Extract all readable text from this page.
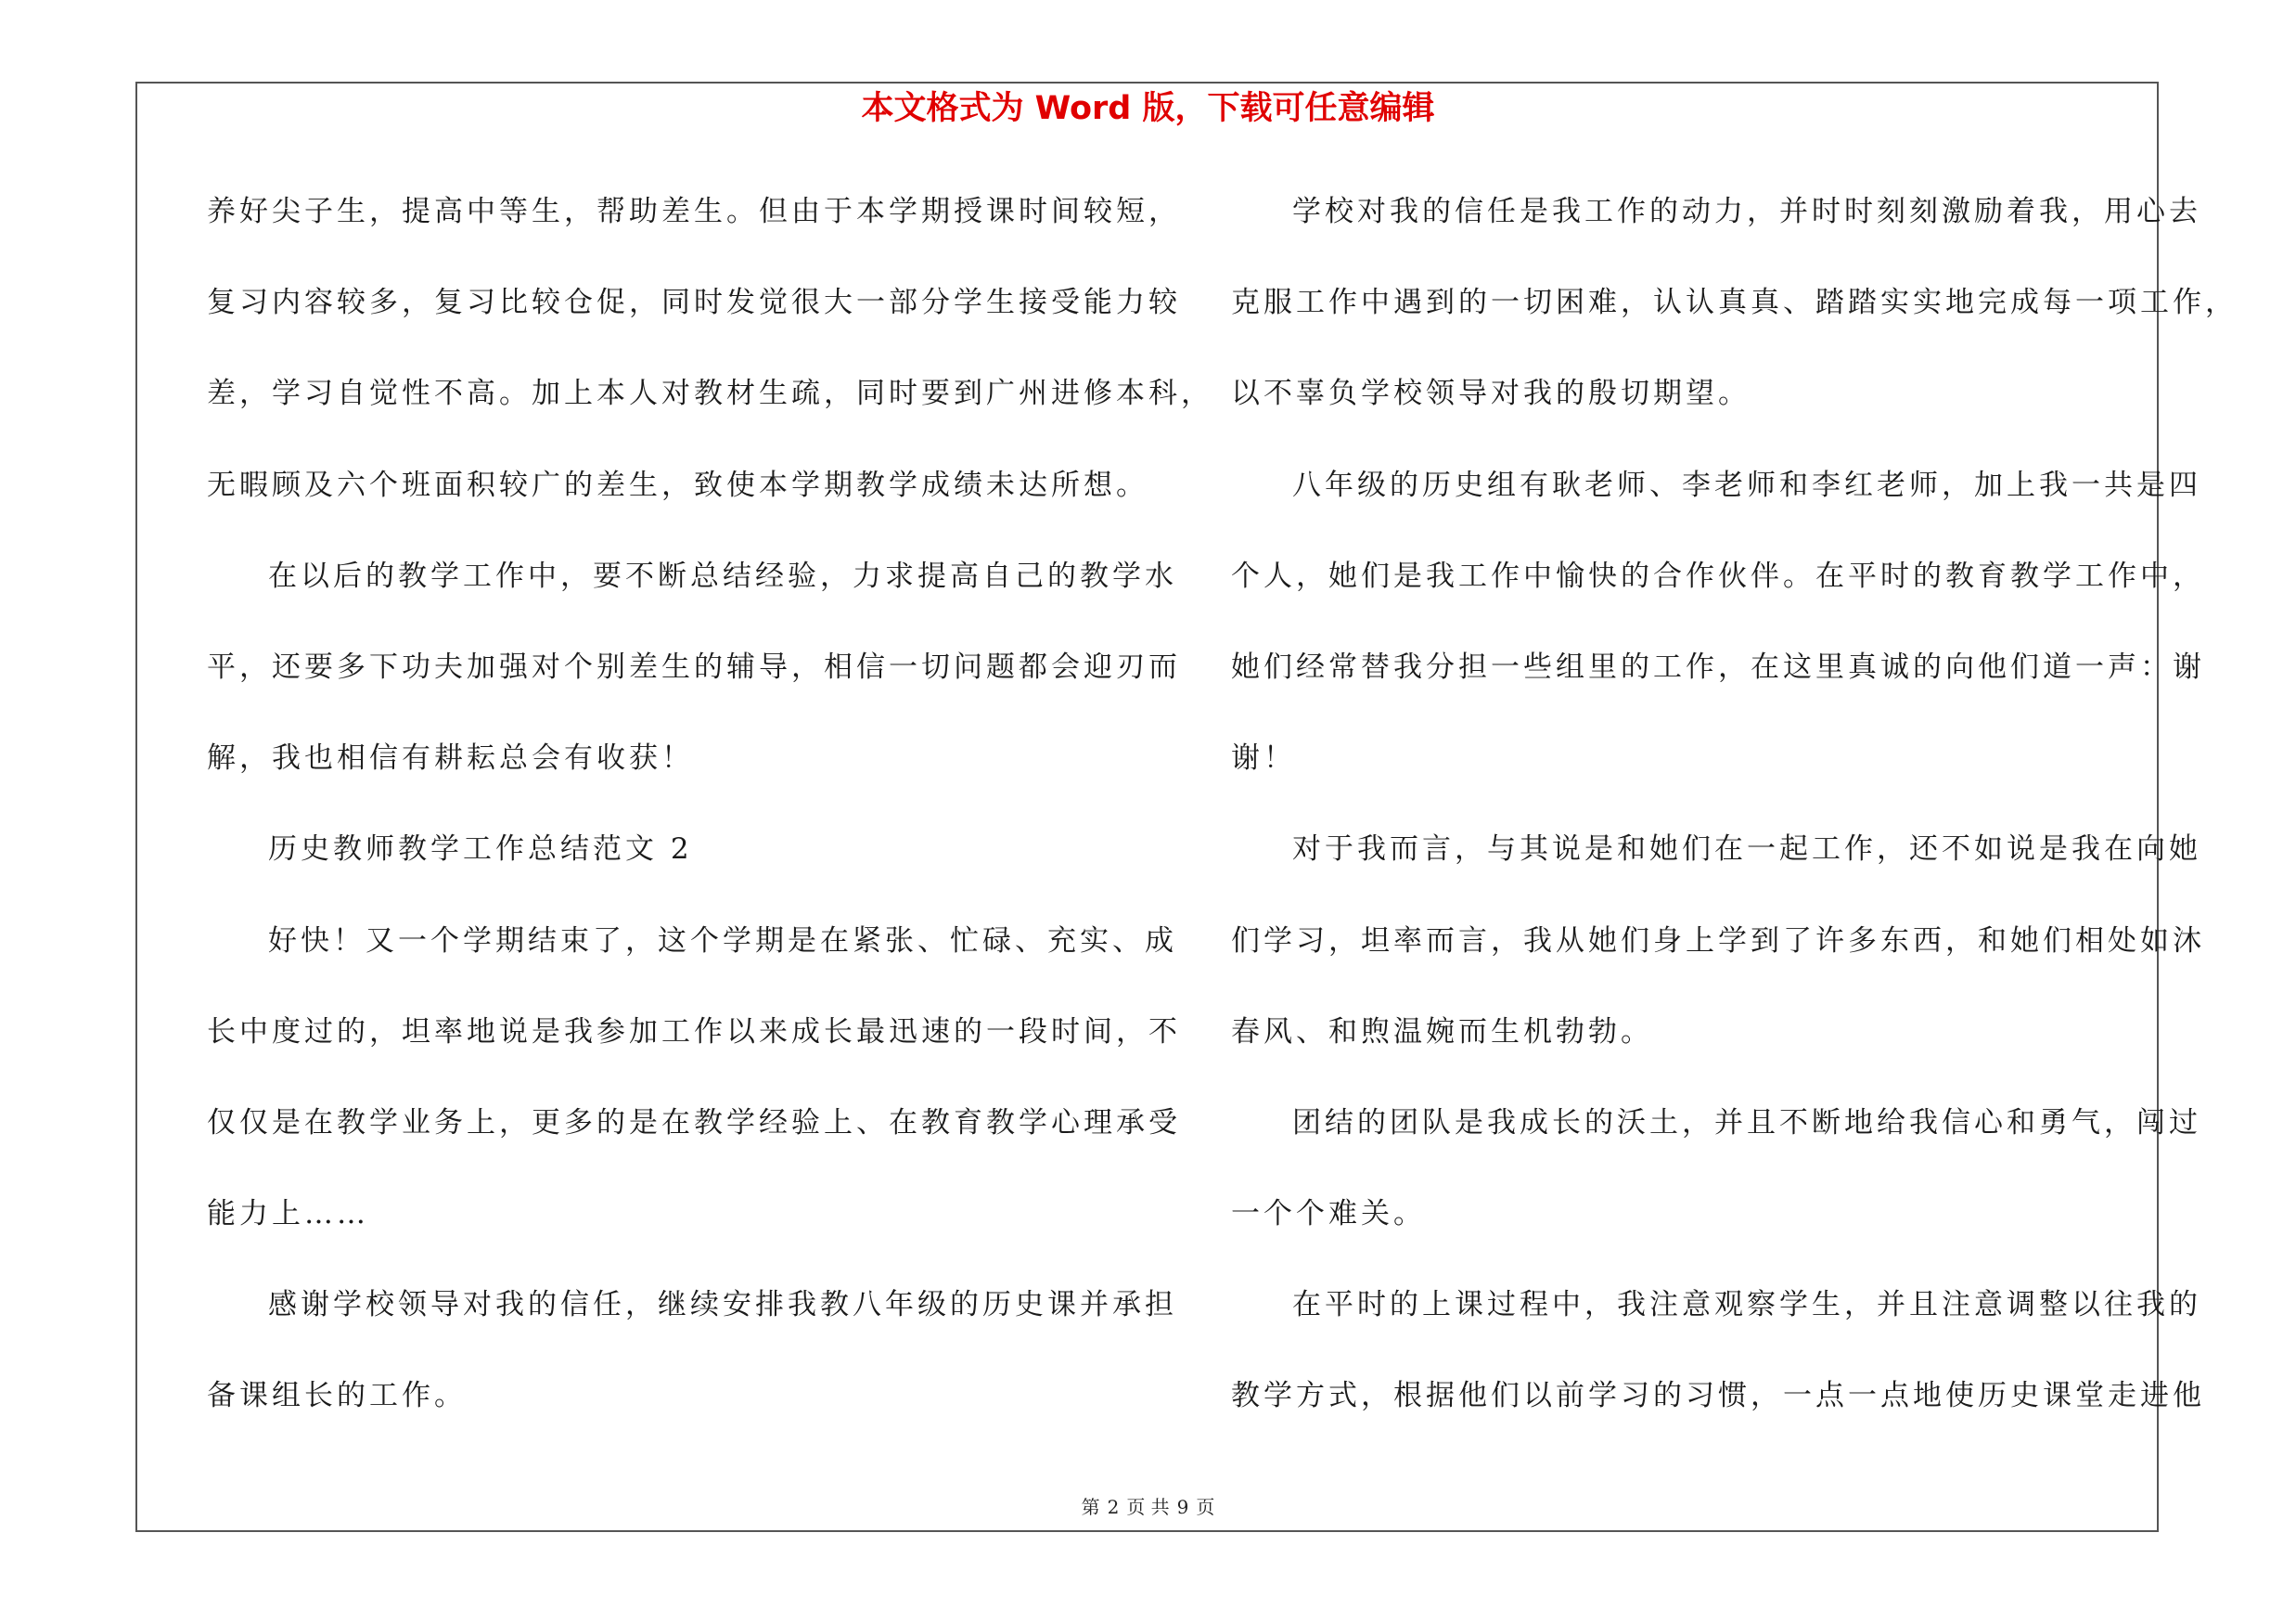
本文格式为 Word 版，下载可任意编辑
养好尖子生，提高中等生，帮助差生。但由于本学期授课时间较短，
复习内容较多，复习比较仓促，同时发觉很大一部分学生接受能力较
差，学习自觉性不高。加上本人对教材生疏，同时要到广州进修本科，
无暇顾及六个班面积较广的差生，致使本学期教学成绩未达所想。
在以后的教学工作中，要不断总结经验，力求提高自己的教学水
平，还要多下功夫加强对个别差生的辅导，相信一切问题都会迎刃而
解，我也相信有耕耘总会有收获！
历史教师教学工作总结范文 2
好快！又一个学期结束了，这个学期是在紧张、忙碌、充实、成
长中度过的，坦率地说是我参加工作以来成长最迅速的一段时间，不
仅仅是在教学业务上，更多的是在教学经验上、在教育教学心理承受
能力上……
感谢学校领导对我的信任，继续安排我教八年级的历史课并承担
备课组长的工作。
学校对我的信任是我工作的动力，并时时刻刻激励着我，用心去
克服工作中遇到的一切困难，认认真真、踏踏实实地完成每一项工作，
以不辜负学校领导对我的殷切期望。
八年级的历史组有耿老师、李老师和李红老师，加上我一共是四
个人，她们是我工作中愉快的合作伙伴。在平时的教育教学工作中，
她们经常替我分担一些组里的工作，在这里真诚的向他们道一声：谢
谢！
对于我而言，与其说是和她们在一起工作，还不如说是我在向她
们学习，坦率而言，我从她们身上学到了许多东西，和她们相处如沐
春风、和煦温婉而生机勃勃。
团结的团队是我成长的沃土，并且不断地给我信心和勇气，闯过
一个个难关。
在平时的上课过程中，我注意观察学生，并且注意调整以往我的
教学方式，根据他们以前学习的习惯，一点一点地使历史课堂走进他
第 2 页 共 9 页
